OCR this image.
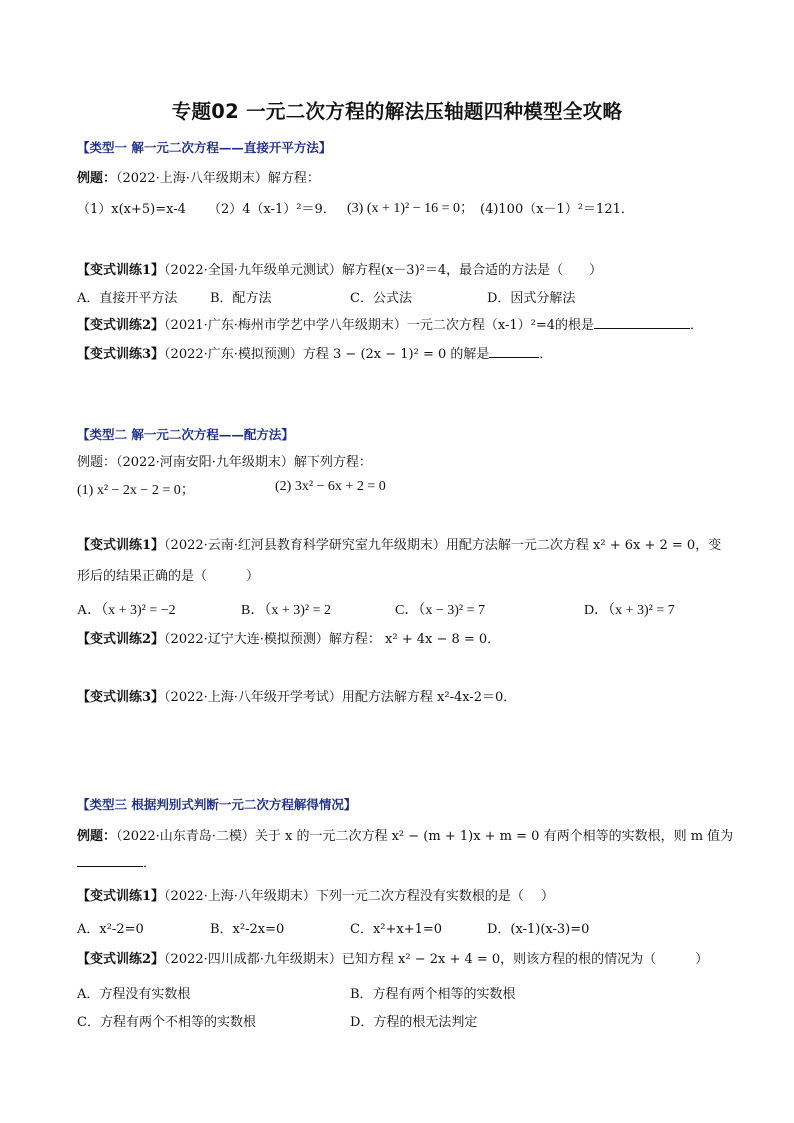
专题02 一元二次方程的解法压轴题四种模型全攻略
【类型一 解一元二次方程——直接开平方法】
例题：（2022·上海·八年级期末）解方程：
（1）x(x+5)=x-4 （2）4（x-1）²＝9． (3) (x + 1)² − 16 = 0； (4)100（x－1）²＝121．
【变式训练1】（2022·全国·九年级单元测试）解方程(x－3)²＝4，最合适的方法是（　　）
A．直接开平方法	B．配方法	C．公式法	D．因式分解法
【变式训练2】（2021·广东·梅州市学艺中学八年级期末）一元二次方程（x-1）²=4的根是	．
【变式训练3】（2022·广东·模拟预测）方程 3 − (2x − 1)² = 0 的解是	．
【类型二 解一元二次方程——配方法】
例题：（2022·河南安阳·九年级期末）解下列方程：
(1) x² − 2x − 2 = 0；	(2) 3x² − 6x + 2 = 0
【变式训练1】（2022·云南·红河县教育科学研究室九年级期末）用配方法解一元二次方程 x² + 6x + 2 = 0，变
形后的结果正确的是（　　　）
A．（x + 3)² = −2	B．（x + 3)² = 2	C．（x − 3)² = 7	D．（x + 3)² = 7
【变式训练2】（2022·辽宁大连·模拟预测）解方程： x² + 4x − 8 = 0．
【变式训练3】（2022·上海·八年级开学考试）用配方法解方程 x²-4x-2＝0．
【类型三 根据判别式判断一元二次方程解得情况】
例题：（2022·山东青岛·二模）关于 x 的一元二次方程 x² − (m + 1)x + m = 0 有两个相等的实数根，则 m 值为
．
【变式训练1】（2022·上海·八年级期末）下列一元二次方程没有实数根的是（　 ）
A．x²-2=0	B．x²-2x=0	C．x²+x+1=0	D．(x-1)(x-3)=0
【变式训练2】（2022·四川成都·九年级期末）已知方程 x² − 2x + 4 = 0，则该方程的根的情况为（　　　）
A．方程没有实数根	B．方程有两个相等的实数根
C．方程有两个不相等的实数根	D．方程的根无法判定
